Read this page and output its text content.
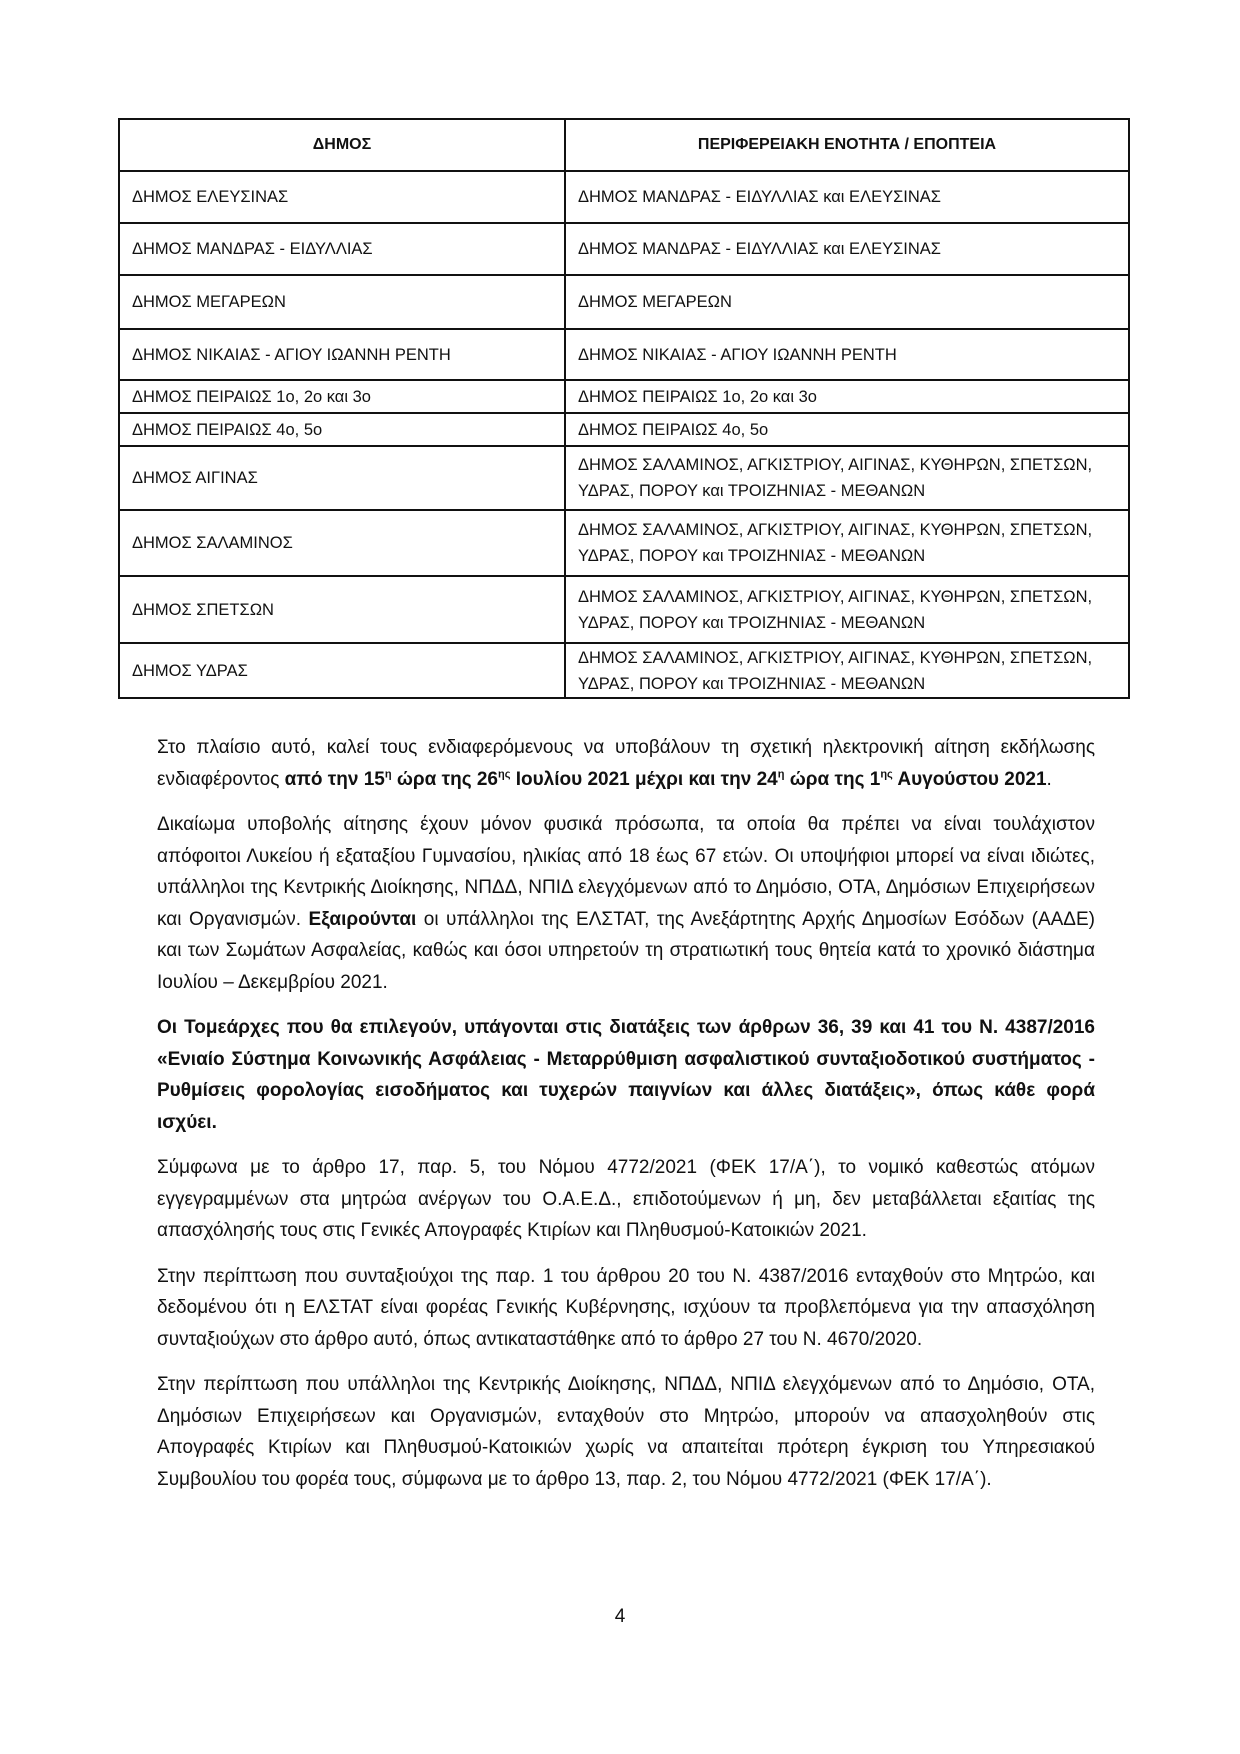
ΔΗΜΟΣ	ΠΕΡΙΦΕΡΕΙΑΚΗ ΕΝΟΤΗΤΑ / ΕΠΟΠΤΕΙΑ
ΔΗΜΟΣ ΕΛΕΥΣΙΝΑΣ	ΔΗΜΟΣ ΜΑΝΔΡΑΣ - ΕΙΔΥΛΛΙΑΣ και ΕΛΕΥΣΙΝΑΣ
ΔΗΜΟΣ ΜΑΝΔΡΑΣ - ΕΙΔΥΛΛΙΑΣ	ΔΗΜΟΣ ΜΑΝΔΡΑΣ - ΕΙΔΥΛΛΙΑΣ και ΕΛΕΥΣΙΝΑΣ
ΔΗΜΟΣ ΜΕΓΑΡΕΩΝ	ΔΗΜΟΣ ΜΕΓΑΡΕΩΝ
ΔΗΜΟΣ ΝΙΚΑΙΑΣ - ΑΓΙΟΥ ΙΩΑΝΝΗ ΡΕΝΤΗ	ΔΗΜΟΣ ΝΙΚΑΙΑΣ - ΑΓΙΟΥ ΙΩΑΝΝΗ ΡΕΝΤΗ
ΔΗΜΟΣ ΠΕΙΡΑΙΩΣ 1ο, 2ο και 3ο	ΔΗΜΟΣ ΠΕΙΡΑΙΩΣ 1ο, 2ο και 3ο
ΔΗΜΟΣ ΠΕΙΡΑΙΩΣ 4ο, 5ο	ΔΗΜΟΣ ΠΕΙΡΑΙΩΣ 4ο, 5ο
ΔΗΜΟΣ ΑΙΓΙΝΑΣ	ΔΗΜΟΣ ΣΑΛΑΜΙΝΟΣ, ΑΓΚΙΣΤΡΙΟΥ, ΑΙΓΙΝΑΣ, ΚΥΘΗΡΩΝ, ΣΠΕΤΣΩΝ, ΥΔΡΑΣ, ΠΟΡΟΥ και ΤΡΟΙΖΗΝΙΑΣ - ΜΕΘΑΝΩΝ
ΔΗΜΟΣ ΣΑΛΑΜΙΝΟΣ	ΔΗΜΟΣ ΣΑΛΑΜΙΝΟΣ, ΑΓΚΙΣΤΡΙΟΥ, ΑΙΓΙΝΑΣ, ΚΥΘΗΡΩΝ, ΣΠΕΤΣΩΝ, ΥΔΡΑΣ, ΠΟΡΟΥ και ΤΡΟΙΖΗΝΙΑΣ - ΜΕΘΑΝΩΝ
ΔΗΜΟΣ ΣΠΕΤΣΩΝ	ΔΗΜΟΣ ΣΑΛΑΜΙΝΟΣ, ΑΓΚΙΣΤΡΙΟΥ, ΑΙΓΙΝΑΣ, ΚΥΘΗΡΩΝ, ΣΠΕΤΣΩΝ, ΥΔΡΑΣ, ΠΟΡΟΥ και ΤΡΟΙΖΗΝΙΑΣ - ΜΕΘΑΝΩΝ
ΔΗΜΟΣ ΥΔΡΑΣ	ΔΗΜΟΣ ΣΑΛΑΜΙΝΟΣ, ΑΓΚΙΣΤΡΙΟΥ, ΑΙΓΙΝΑΣ, ΚΥΘΗΡΩΝ, ΣΠΕΤΣΩΝ, ΥΔΡΑΣ, ΠΟΡΟΥ και ΤΡΟΙΖΗΝΙΑΣ - ΜΕΘΑΝΩΝ

Στο πλαίσιο αυτό, καλεί τους ενδιαφερόμενους να υποβάλουν τη σχετική ηλεκτρονική αίτηση εκδήλωσης ενδιαφέροντος από την $15^\eta$ ώρα της $26^{\eta\varsigma}$ Ιουλίου 2021 μέχρι και την $24^\eta$ ώρα της $1^{\eta\varsigma}$ Αυγούστου 2021.

Δικαίωμα υποβολής αίτησης έχουν μόνον φυσικά πρόσωπα, τα οποία θα πρέπει να είναι τουλάχιστον απόφοιτοι Λυκείου ή εξαταξίου Γυμνασίου, ηλικίας από 18 έως 67 ετών. Οι υποψήφιοι μπορεί να είναι ιδιώτες, υπάλληλοι της Κεντρικής Διοίκησης, ΝΠΔΔ, ΝΠΙΔ ελεγχόμενων από το Δημόσιο, ΟΤΑ, Δημόσιων Επιχειρήσεων και Οργανισμών. Εξαιρούνται οι υπάλληλοι της ΕΛΣΤΑΤ, της Ανεξάρτητης Αρχής Δημοσίων Εσόδων (ΑΑΔΕ) και των Σωμάτων Ασφαλείας, καθώς και όσοι υπηρετούν τη στρατιωτική τους θητεία κατά το χρονικό διάστημα Ιουλίου – Δεκεμβρίου 2021.

Οι Τομεάρχες που θα επιλεγούν, υπάγονται στις διατάξεις των άρθρων 36, 39 και 41 του Ν. 4387/2016 «Ενιαίο Σύστημα Κοινωνικής Ασφάλειας - Μεταρρύθμιση ασφαλιστικού συνταξιοδοτικού συστήματος - Ρυθμίσεις φορολογίας εισοδήματος και τυχερών παιγνίων και άλλες διατάξεις», όπως κάθε φορά ισχύει.

Σύμφωνα με το άρθρο 17, παρ. 5, του Νόμου 4772/2021 (ΦΕΚ 17/Α΄), το νομικό καθεστώς ατόμων εγγεγραμμένων στα μητρώα ανέργων του Ο.Α.Ε.Δ., επιδοτούμενων ή μη, δεν μεταβάλλεται εξαιτίας της απασχόλησής τους στις Γενικές Απογραφές Κτιρίων και Πληθυσμού-Κατοικιών 2021.

Στην περίπτωση που συνταξιούχοι της παρ. 1 του άρθρου 20 του Ν. 4387/2016 ενταχθούν στο Μητρώο, και δεδομένου ότι η ΕΛΣΤΑΤ είναι φορέας Γενικής Κυβέρνησης, ισχύουν τα προβλεπόμενα για την απασχόληση συνταξιούχων στο άρθρο αυτό, όπως αντικαταστάθηκε από το άρθρο 27 του Ν. 4670/2020.

Στην περίπτωση που υπάλληλοι της Κεντρικής Διοίκησης, ΝΠΔΔ, ΝΠΙΔ ελεγχόμενων από το Δημόσιο, ΟΤΑ, Δημόσιων Επιχειρήσεων και Οργανισμών, ενταχθούν στο Μητρώο, μπορούν να απασχοληθούν στις Απογραφές Κτιρίων και Πληθυσμού-Κατοικιών χωρίς να απαιτείται πρότερη έγκριση του Υπηρεσιακού Συμβουλίου του φορέα τους, σύμφωνα με το άρθρο 13, παρ. 2, του Νόμου 4772/2021 (ΦΕΚ 17/Α΄).

4
